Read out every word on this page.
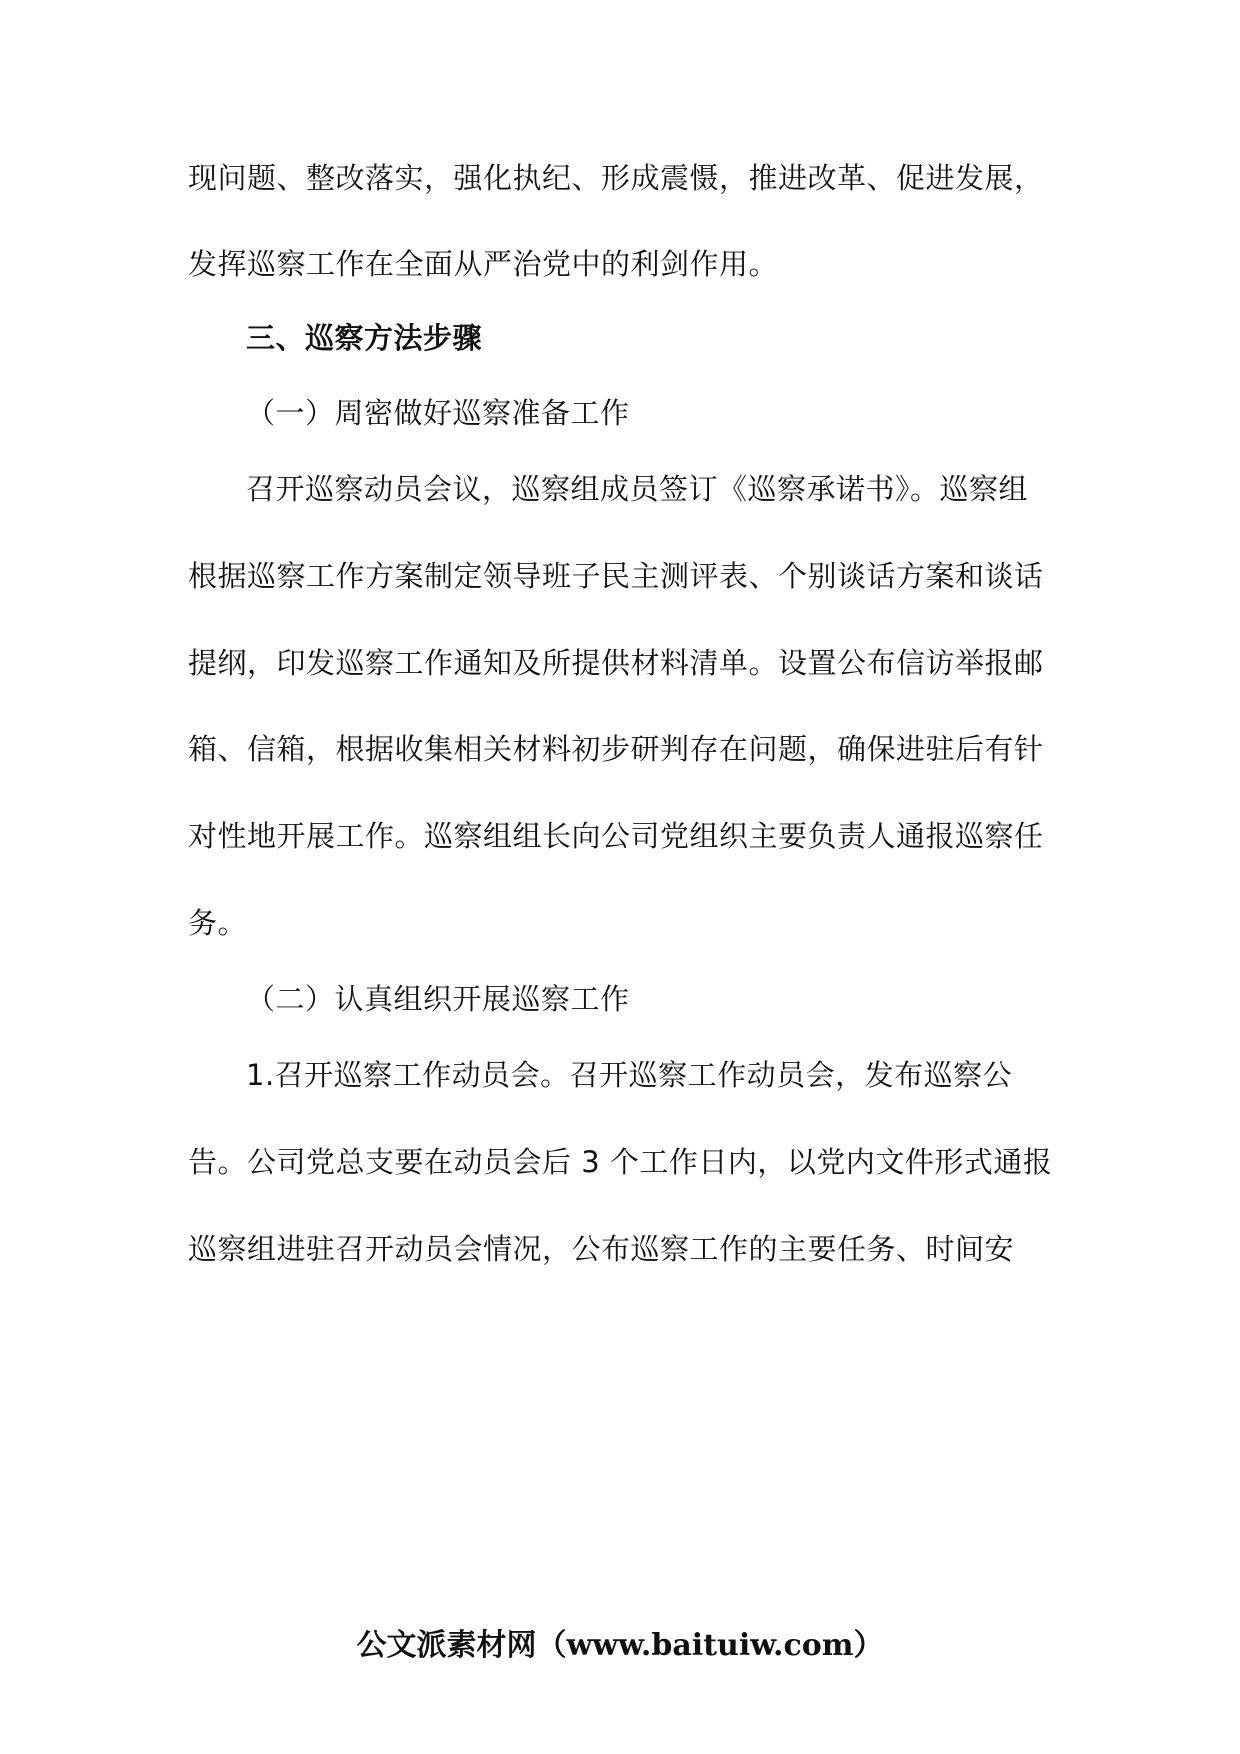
现问题、整改落实，强化执纪、形成震慑，推进改革、促进发展，
发挥巡察工作在全面从严治党中的利剑作用。
三、巡察方法步骤
（一）周密做好巡察准备工作
召开巡察动员会议，巡察组成员签订《巡察承诺书》。巡察组
根据巡察工作方案制定领导班子民主测评表、个别谈话方案和谈话
提纲，印发巡察工作通知及所提供材料清单。设置公布信访举报邮
箱、信箱，根据收集相关材料初步研判存在问题，确保进驻后有针
对性地开展工作。巡察组组长向公司党组织主要负责人通报巡察任
务。
（二）认真组织开展巡察工作
1.召开巡察工作动员会。召开巡察工作动员会，发布巡察公
告。公司党总支要在动员会后 3 个工作日内，以党内文件形式通报
巡察组进驻召开动员会情况，公布巡察工作的主要任务、时间安
公文派素材网（www.baituiw.com）
